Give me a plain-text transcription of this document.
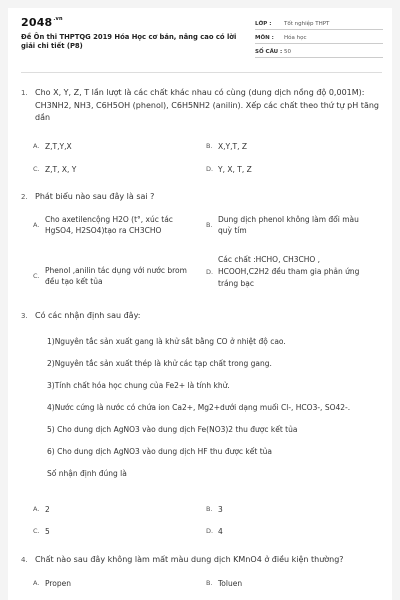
$2048^{.vn}$
Đề Ôn thi THPTQG 2019 Hóa Học cơ bản, nâng cao có lời giải chi tiết (P8)
LỚP :	Tốt nghiệp THPT
MÔN :	Hóa học
SỐ CÂU : 50
1. Cho X, Y, Z, T lần lượt là các chất khác nhau có cùng (dung dịch nồng độ 0,001M): CH3NH2, NH3, C6H5OH (phenol), C6H5NH2 (anilin). Xếp các chất theo thứ tự pH tăng dần
A. Z,T,Y,X	B. X,Y,T, Z
C. Z,T, X, Y	D. Y, X, T, Z
2. Phát biểu nào sau đây là sai ?
A.
Cho axetilencộng H2O (t°, xúc tác HgSO4, H2SO4)tạo ra CH3CHO
B.
Dung dịch phenol không làm đổi màu quỳ tím
C.
Phenol ,anilin tác dụng với nước brom đều tạo kết tủa
D.
Các chất :HCHO, CH3CHO , HCOOH,C2H2 đều tham gia phản ứng tráng bạc
3. Có các nhận định sau đây:
1)Nguyên tắc sản xuất gang là khử sắt bằng CO ở nhiệt độ cao.
2)Nguyên tắc sản xuất thép là khử các tạp chất trong gang.
3)Tính chất hóa học chung của Fe2+ là tính khử.
4)Nước cứng là nước có chứa ion Ca2+, Mg2+dưới dạng muối Cl-, HCO3-, SO42-.
5) Cho dung dịch AgNO3 vào dung dịch Fe(NO3)2 thu được kết tủa
6) Cho dung dịch AgNO3 vào dung dịch HF thu được kết tủa
Số nhận định đúng là
A. 2	B. 3
C. 5	D. 4
4. Chất nào sau đây không làm mất màu dung dịch KMnO4 ở điều kiện thường?
A. Propen	B. Toluen
